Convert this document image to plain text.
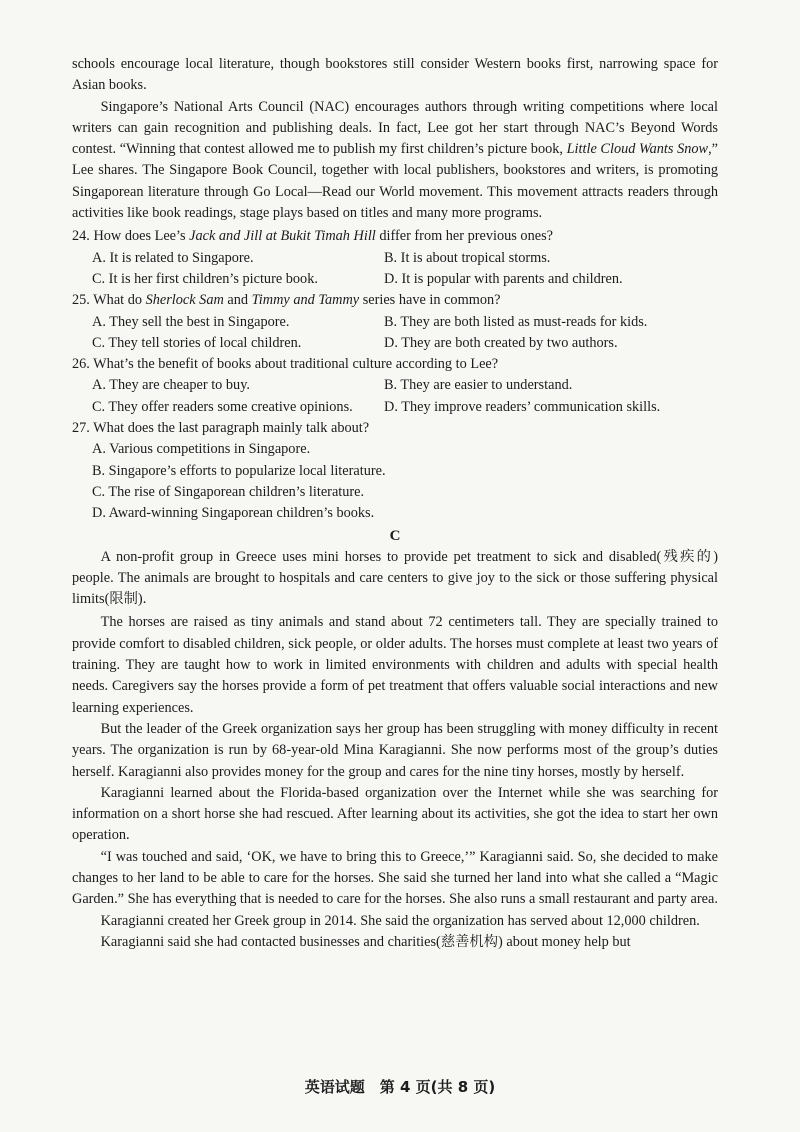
schools encourage local literature, though bookstores still consider Western books first, narrowing space for Asian books.

Singapore’s National Arts Council (NAC) encourages authors through writing competitions where local writers can gain recognition and publishing deals. In fact, Lee got her start through NAC’s Beyond Words contest. “Winning that contest allowed me to publish my first children’s picture book, Little Cloud Wants Snow,” Lee shares. The Singapore Book Council, together with local publishers, bookstores and writers, is promoting Singaporean literature through Go Local—Read our World movement. This movement attracts readers through activities like book readings, stage plays based on titles and many more programs.

24. How does Lee’s Jack and Jill at Bukit Timah Hill differ from her previous ones?

A. It is related to Singapore.	B. It is about tropical storms.
C. It is her first children’s picture book.	D. It is popular with parents and children.

25. What do Sherlock Sam and Timmy and Tammy series have in common?

A. They sell the best in Singapore.	B. They are both listed as must-reads for kids.
C. They tell stories of local children.	D. They are both created by two authors.

26. What’s the benefit of books about traditional culture according to Lee?

A. They are cheaper to buy.	B. They are easier to understand.
C. They offer readers some creative opinions.	D. They improve readers’ communication skills.

27. What does the last paragraph mainly talk about?

A. Various competitions in Singapore.
B. Singapore’s efforts to popularize local literature.
C. The rise of Singaporean children’s literature.
D. Award-winning Singaporean children’s books.

C

A non-profit group in Greece uses mini horses to provide pet treatment to sick and disabled(残疾的) people. The animals are brought to hospitals and care centers to give joy to the sick or those suffering physical limits(限制).

The horses are raised as tiny animals and stand about 72 centimeters tall. They are specially trained to provide comfort to disabled children, sick people, or older adults. The horses must complete at least two years of training. They are taught how to work in limited environments with children and adults with special health needs. Caregivers say the horses provide a form of pet treatment that offers valuable social interactions and new learning experiences.

But the leader of the Greek organization says her group has been struggling with money difficulty in recent years. The organization is run by 68-year-old Mina Karagianni. She now performs most of the group’s duties herself. Karagianni also provides money for the group and cares for the nine tiny horses, mostly by herself.

Karagianni learned about the Florida-based organization over the Internet while she was searching for information on a short horse she had rescued. After learning about its activities, she got the idea to start her own operation.

“I was touched and said, ‘OK, we have to bring this to Greece,’” Karagianni said. So, she decided to make changes to her land to be able to care for the horses. She said she turned her land into what she called a “Magic Garden.” She has everything that is needed to care for the horses. She also runs a small restaurant and party area.

Karagianni created her Greek group in 2014. She said the organization has served about 12,000 children.

Karagianni said she had contacted businesses and charities(慈善机构) about money help but

英语试题　第 4 页(共 8 页)
